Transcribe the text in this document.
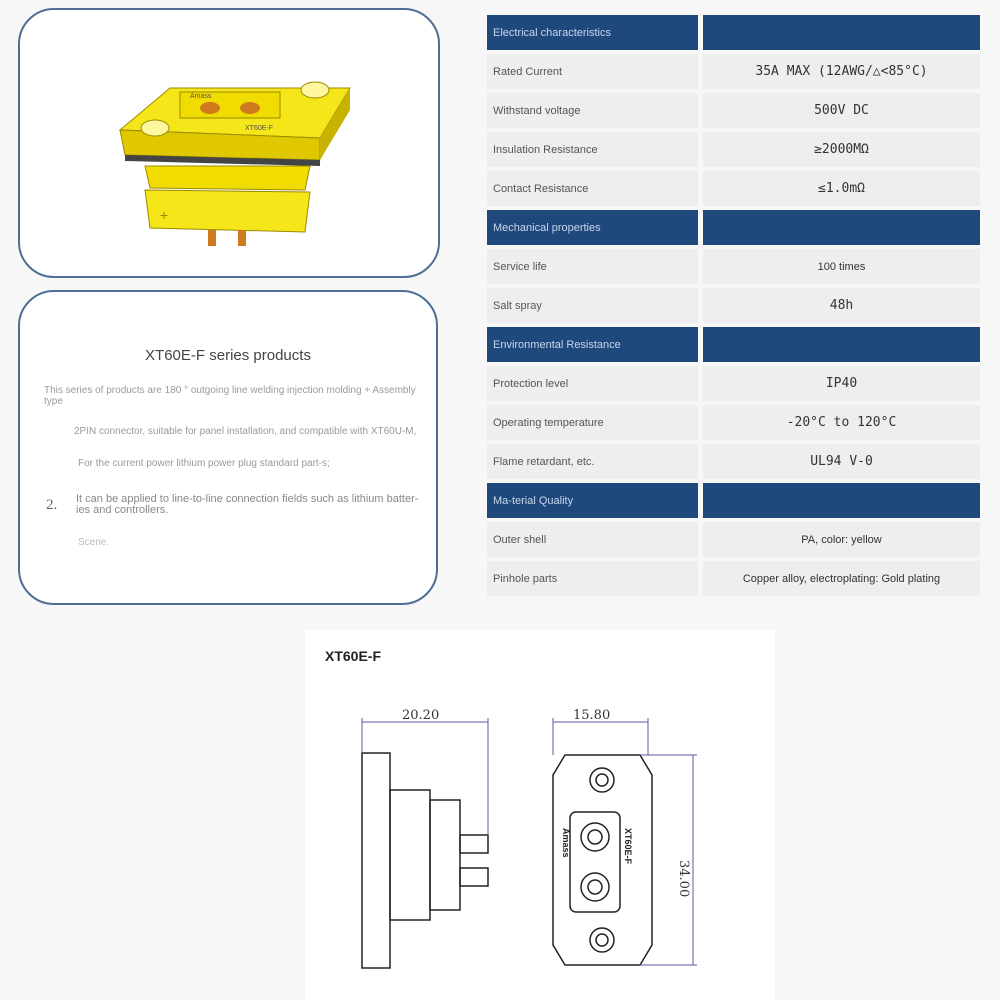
Amass
XT60E-F
+
XT60E-F series products
This series of products are 180 ° outgoing line welding injection molding + Assembly type
2PIN connector, suitable for panel installation, and compatible with XT60U-M,
For the current power lithium power plug standard part-s;
2. It can be applied to line-to-line connection fields such as lithium batter-ies and controllers.
Scene.
Electrical characteristics
Rated Current	35A MAX (12AWG/△<85°C)
Withstand voltage	500V DC
Insulation Resistance	≥2000MΩ
Contact Resistance	≤1.0mΩ
Mechanical properties
Service life	100 times
Salt spray	48h
Environmental Resistance
Protection level	IP40
Operating temperature	-20°C to 120°C
Flame retardant, etc.	UL94 V-0
Ma-terial Quality
Outer shell	PA, color: yellow
Pinhole parts	Copper alloy, electroplating: Gold plating
XT60E-F
20.20	15.80
34.00
Amass	XT60E-F
